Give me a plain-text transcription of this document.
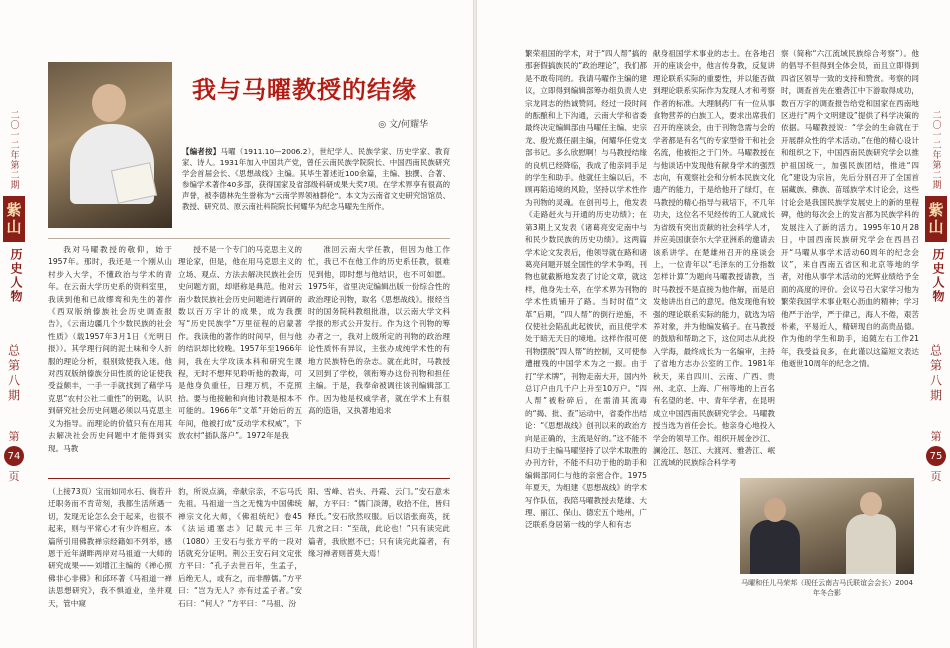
二〇一二年第二期
紫山
历史人物
总第八期
第
74
页
我与马曜教授的结缘
◎ 文/何耀华
【编者按】马曜（1911.10—2006.2），世纪学人、民族学家、历史学家、教育家、诗人。1931年加入中国共产党，曾任云南民族学院院长、中国西南民族研究学会首届会长、《思想战线》主编。其毕生著述近100余篇，主编、独撰、合著、参编学术著作40多部，获得国家及省部级科研成果大奖7项。在学术界享有很高的声誉，被李德林先生誉称为“云南学界领袖群伦”。本文为云南省文史研究馆馆员、教授、研究员、原云南社科院院长何耀华为纪念马曜先生所作。

我对马曜教授的敬仰，始于1957年。那时，我还是一个刚从山村步入大学，不懂政治与学术的青年。在云南大学历史系的资料室里，我读到他和已故缪鸾和先生的著作《西双版纳傣族社会历史调查报告》，《云南边疆几个少数民族的社会性质》（载1957年3月1日《光明日报》）。其学理行间的泥土味和令人折服的理论分析，很别致使我入迷。他对西双版纳傣族分田性质的论证使我受益颇丰，一手一手就找到了藉学马克思“农村公社二重性”的钥匙，认识到研究社会历史问题必须以马克思主义为指导。而理论的价值只有在用其去解决社会历史问题中才能得到实现。马教

授不是一个专门的马克思主义的理论家，但是，他在用马克思主义的立场、观点、方法去解决民族社会历史问题方面，却堪称是典范。他对云南少数民族社会历史问题进行调研的数以百万字计的成果，成为我撰写“历史民族学”万里征程的启蒙著作。我读他的著作的时间早，但与他的结识却比较晚。1957年至1966年间，我在大学攻读本科和研究生课程，无时不想拜见聆听他的教诲，可是他身负重任，日理万机，不克照拾。要与他接触和向他讨教是根本不可能的。1966年“文革”开始后的五年间，他被打成“反动学术权威”，下放农村“插队落户”。1972年是我

准回云南大学任教，但因为他工作忙，我已不在他工作的历史系任教，很难见到他，即时想与他结识，也不可如愿。1975年，省里决定编辑出版一份综合性的政治理论刊物，取名《思想战线》。报经当时的国务院科教组批准，以云南大学文科学报的形式公开发行。作为这个刊物的筹办者之一，我对上级所定的刊物的政治理论性质怀有异议，主张办成纯学术性的有地方民族特色的杂志。就在此时，马教授又回到了学校，领衔筹办这份刊物和担任主编。于是，我奉命被调往该刊编辑部工作。因为他是权威学者，就在学术上有很高的造诣，又执著地追求

（上接73页）宝而如同水石、倘若升迁职务而不肯苛刻，我都生活所遇一切，发现无论怎么会于起来，也很不起来，则与平常心才有少许相应。本篇所引用佛教禅宗经籍如不列举，感恩于近年湖畔两岸对马祖道一大师的研究成果——刘增江主编的《禅心照佛非心非佛》和邱环著《马祖道一禅法思想研究》，我不惧道业，坐井观天，管中窥

豹，所说点滴，牵献宗亲，不忘马氏先祖。马祖道一当之无愧为中国佛统禅宗文化大师，《佛祖统纪》卷45《法运通塞志》记载元丰三年（1080）王安石与张方平的一段对话就充分证明。荆公王安石问文定张方平曰：“孔子去世百年，生孟子，后绝无人，或有之，而非醇儒。”方平曰：“岂为无人？亦有过孟子者。”安石曰：“何人？”方平曰：“马祖、汾

阳、雪峰、岩头、丹霞、云门。”安石意未解，方平曰：“儒门淡薄，收拾不住，皆归释氏。”安石欣然叹服。后以语张商英，抚几赏之曰：“至哉，此论也！”只有读完此篇者，我欣慰不已；只有读完此篇者，有缘习禅者则普莫大焉！

繁荣祖国的学术，对于“四人帮”搞的那套假搞族民的“政治理论”，我们都是不敢苟同的。我请马曜作主编的建议，立即得到编辑部筹办组负责人史宗龙同志的热诚赞同。经过一段时间的酝酿和上下沟通，云南大学和省委最终决定编辑部由马曜任主编、史宗龙、殷光熹任副主编，何耀华任党支部书记。多么欣慰啊！与马教授结缘的良机已经降临，我成了他亲同手足的学生和助手。他就任主编以后，不顾再陷追境的风险，坚持以学术性作为刊物的灵魂。在创刊号上，他发表《走路赶火与开通的历史功绩》；在第3期上又发表《诸葛亮安定南中与和民少数民族的历史功绩》。这两篇学术论文发表后，他领导就在路和诸葛亮问题开展全国性的学术争鸣，刊物也就截断地发表了讨论文章，就这样，他身先士卒，在学术界为刊物的学术性质铺开了路。当时时值“文革”后期，“四人帮”的倒行逆施，不仅使社会陷乱此起彼伏，而且使学术处于暗无天日的境地。这样作很可使刊物摆脱“四人帮”的控制，又可使参遭摧残的中国学术为之一振。由于打“学术牌”，刊物走南大开，国内外总订户由几千户上升至10万户。“四人帮”被粉碎后，在需清其流毒的“揭、批、查”运动中，省委作出结论：“《思想战线》创刊以来的政治方向是正确的，主流是好的。”这不能不归功于主编马曜坚持了以学术取胜的办刊方针，不能不归功于他的助手和编辑部同仁与他的亲密合作。1975年夏天，为组建《思想战线》的学术写作队伍，我陪马曜教授去楚雄、大理、丽江、保山、德宏五个地州，广泛联系身居第一线的学人和有志

献身祖国学术事业的志士。在各地召开的座谈会中，他言传身教，反复讲理论联系实际的重要性，并以能否做到理论联系实际作为发现人才和考察作者的标准。大理制药厂有一位从事食物营养的白族工人，要求出席我们召开的座谈会，由于刊物急需与会的学者都是有名气的专家型骨干和社会名流，他被拒之于门外。马曜教授在与他谈话中发现他有献身学术的强烈志向，有观察社会和分析本民族文化遗产的能力，于是给他开了绿灯，在马教授的精心指导与栽培下，不几年功夫，这位名不见经传的工人就成长为省级有突出贡献的社会科学人才，并应美国康奈尔大学亚洲系的邀请去该系讲学。在楚雄州召开的座谈会上，一位青年以“毛泽东的工分指数怎样计算”为题向马曜教授请教，当时马教授不是直接为他作解，而是启发他讲出自己的意见。他发现他有较强的理论联系实际的能力，就选为培养对象，并为他编发稿子。在马教授的鼓励和帮助之下，这位同志从此投入学海，最终成长为一名编审，主持了省地方志办公室的工作。1981年秋天，来自四川、云南、广西、贵州、北京、上海、广州等地的上百名有名望的老、中、青年学者，在昆明成立中国西南民族研究学会。马曜教授当选为首任会长。他亲身心地投入学会的领导工作。组织开展金沙江、澜沧江、怒江、大渡河、雅砻江、岷江流域的民族综合科学考

察（简称“六江流域民族综合考察”）。他的倡导不但得到全体会员，而且立即得到四省区领导一致的支持和赞赏。考察的同时，调查首先在雅砻江中下游取得成功，数百万字的调查报告给党和国家在西南地区进行“两个文明建设”提供了科学决策的依据。马曜教授说：“学会的生命就在于开展群众性的学术活动。”在他的精心设计和组织之下，中国西南民族研究学会以推护祖国统一，加强民族团结，推进“四化”建设为宗旨，先后分别召开了全国首届藏族、彝族、苗瑶族学术讨论会，这些讨论会是我国民族学发展史上的新的里程碑，他的每次会上的发言都为民族学科的发展注入了新的活力。1995年10月28日，中国西南民族研究学会在西昌召开“马曜从事学术活动60周年的纪念会议”，来自西南五省区和北京等地的学者，对他从事学术活动的光辉业绩给予全面的高度的评价。会议号召大家学习他为繁荣我国学术事业呕心沥血的精神；学习他严于治学，严于律己，海人不倦，艰苦朴素，平易近人，精研现自的高贵品德。作为他的学生和助手，追随左右工作21年，我受益良多，在此谨以这篇短文表达他逝世10周年的纪念之情。

二〇一二年第二期
紫山
历史人物
总第八期
第
75
页
马曜和任儿马荣邦（现任云南吉马氏联谊会会长）2004年冬合影
